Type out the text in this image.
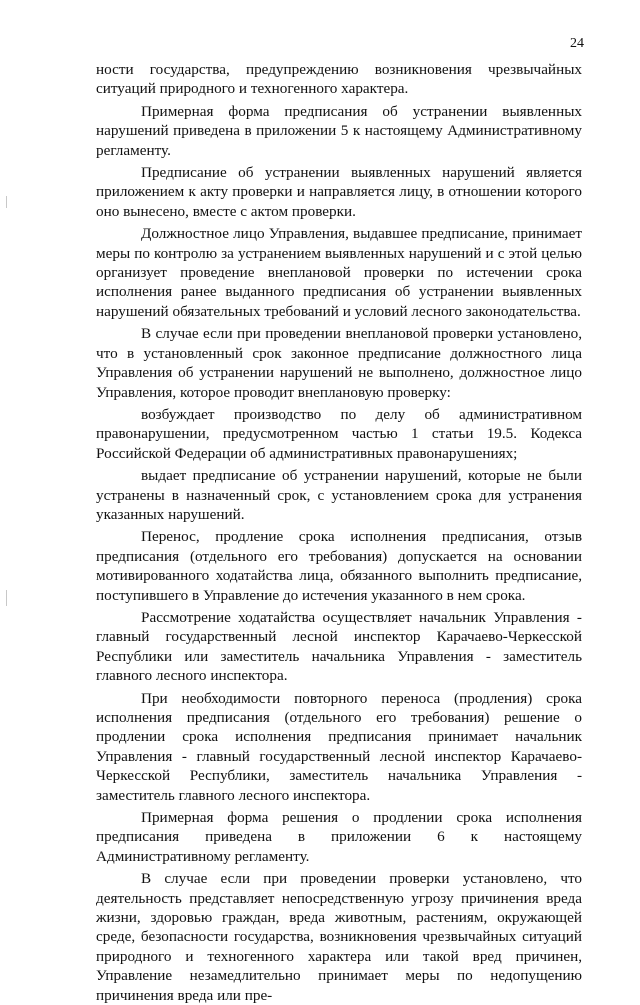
24

ности государства, предупреждению возникновения чрезвычайных ситуаций природного и техногенного характера.

Примерная форма предписания об устранении выявленных нарушений приведена в приложении 5 к настоящему Административному регламенту.

Предписание об устранении выявленных нарушений является приложением к акту проверки и направляется лицу, в отношении которого оно вынесено, вместе с актом проверки.

Должностное лицо Управления, выдавшее предписание, принимает меры по контролю за устранением выявленных нарушений и с этой целью организует проведение внеплановой проверки по истечении срока исполнения ранее выданного предписания об устранении выявленных нарушений обязательных требований и условий лесного законодательства.

В случае если при проведении внеплановой проверки установлено, что в установленный срок законное предписание должностного лица Управления об устранении нарушений не выполнено, должностное лицо Управления, которое проводит внеплановую проверку:

возбуждает производство по делу об административном правонарушении, предусмотренном частью 1 статьи 19.5. Кодекса Российской Федерации об административных правонарушениях;

выдает предписание об устранении нарушений, которые не были устранены в назначенный срок, с установлением срока для устранения указанных нарушений.

Перенос, продление срока исполнения предписания, отзыв предписания (отдельного его требования) допускается на основании мотивированного ходатайства лица, обязанного выполнить предписание, поступившего в Управление до истечения указанного в нем срока.

Рассмотрение ходатайства осуществляет начальник Управления - главный государственный лесной инспектор Карачаево-Черкесской Республики или заместитель начальника Управления - заместитель главного лесного инспектора.

При необходимости повторного переноса (продления) срока исполнения предписания (отдельного его требования) решение о продлении срока исполнения предписания принимает начальник Управления - главный государственный лесной инспектор Карачаево-Черкесской Республики, заместитель начальника Управления - заместитель главного лесного инспектора.

Примерная форма решения о продлении срока исполнения предписания приведена в приложении 6 к настоящему Административному регламенту.

В случае если при проведении проверки установлено, что деятельность представляет непосредственную угрозу причинения вреда жизни, здоровью граждан, вреда животным, растениям, окружающей среде, безопасности государства, возникновения чрезвычайных ситуаций природного и техногенного характера или такой вред причинен, Управление незамедлительно принимает меры по недопущению причинения вреда или пре-
